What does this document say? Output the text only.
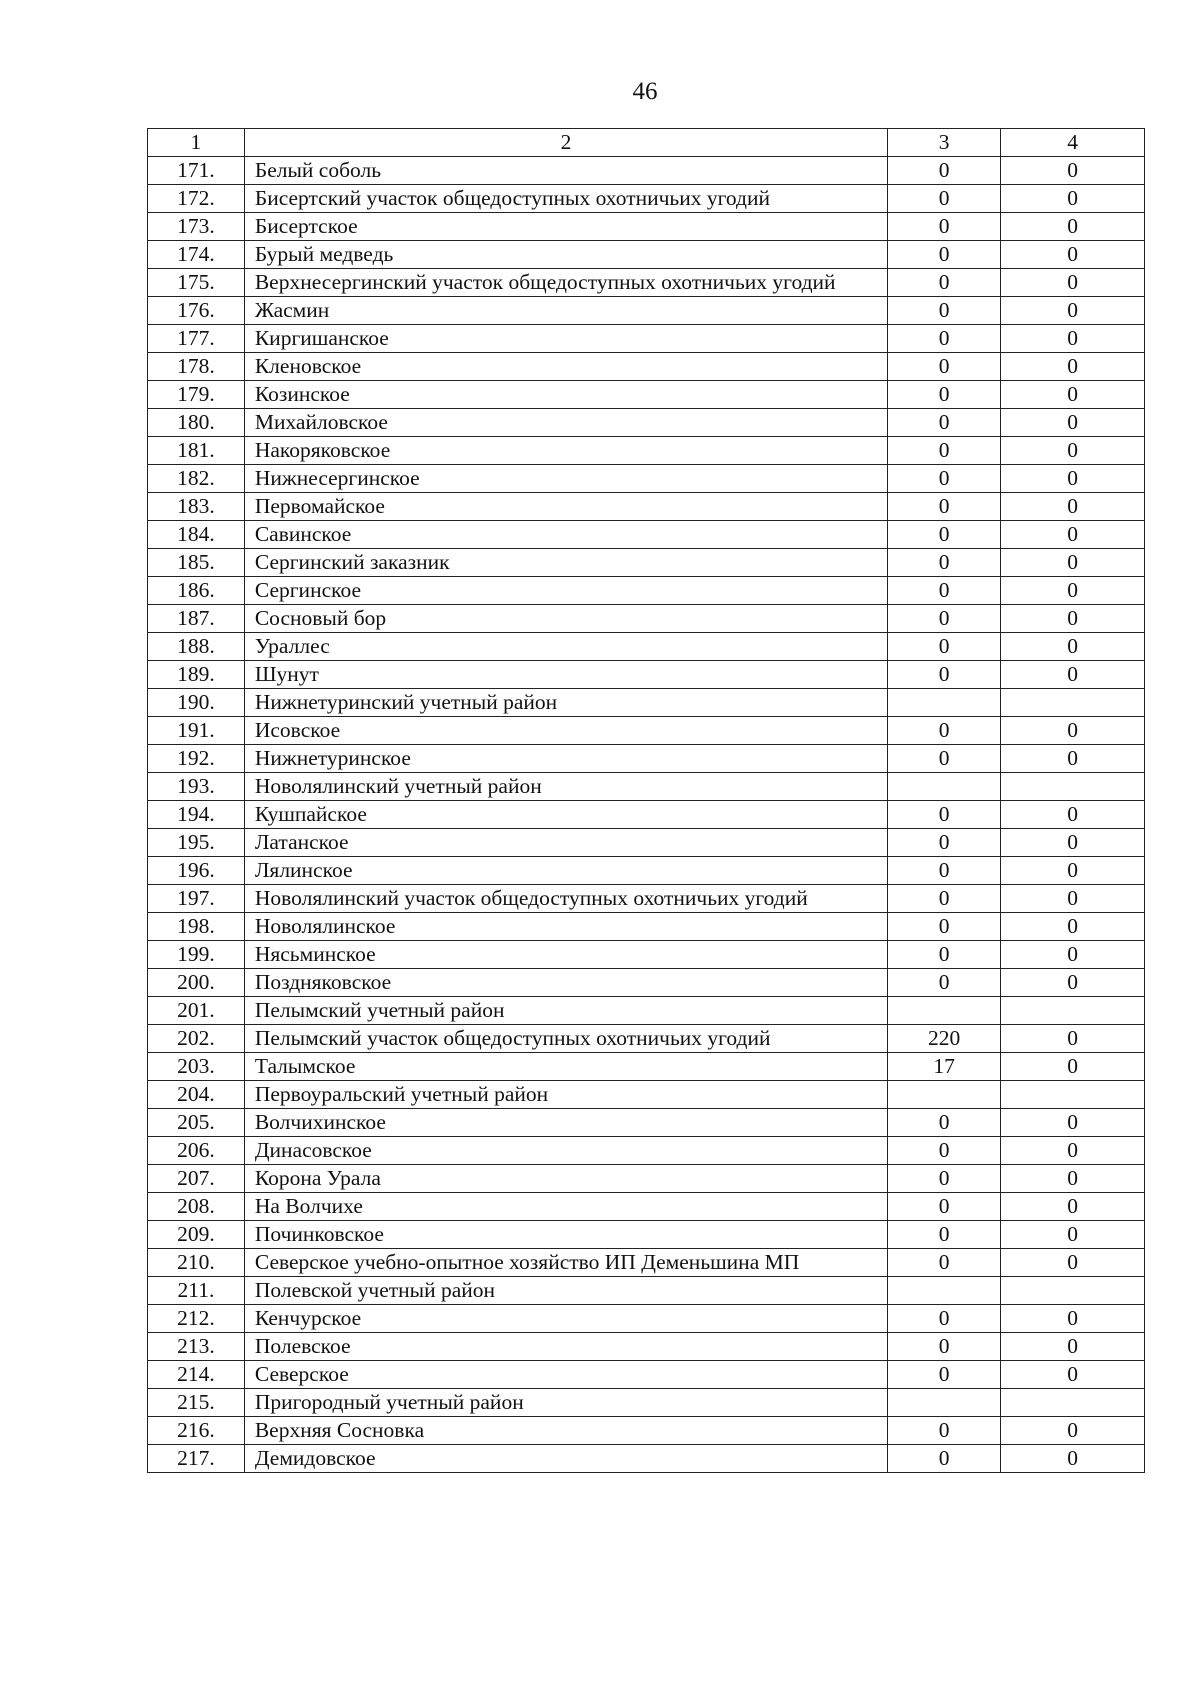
46
1	2	3	4
171.	Белый соболь	0	0
172.	Бисертский участок общедоступных охотничьих угодий	0	0
173.	Бисертское	0	0
174.	Бурый медведь	0	0
175.	Верхнесергинский участок общедоступных охотничьих угодий	0	0
176.	Жасмин	0	0
177.	Киргишанское	0	0
178.	Кленовское	0	0
179.	Козинское	0	0
180.	Михайловское	0	0
181.	Накоряковское	0	0
182.	Нижнесергинское	0	0
183.	Первомайское	0	0
184.	Савинское	0	0
185.	Сергинский заказник	0	0
186.	Сергинское	0	0
187.	Сосновый бор	0	0
188.	Ураллес	0	0
189.	Шунут	0	0
190.	Нижнетуринский учетный район		
191.	Исовское	0	0
192.	Нижнетуринское	0	0
193.	Новолялинский учетный район		
194.	Кушпайское	0	0
195.	Латанское	0	0
196.	Лялинское	0	0
197.	Новолялинский участок общедоступных охотничьих угодий	0	0
198.	Новолялинское	0	0
199.	Нясьминское	0	0
200.	Поздняковское	0	0
201.	Пелымский учетный район		
202.	Пелымский участок общедоступных охотничьих угодий	220	0
203.	Талымское	17	0
204.	Первоуральский учетный район		
205.	Волчихинское	0	0
206.	Динасовское	0	0
207.	Корона Урала	0	0
208.	На Волчихе	0	0
209.	Починковское	0	0
210.	Северское учебно-опытное хозяйство ИП Деменьшина МП	0	0
211.	Полевской учетный район		
212.	Кенчурское	0	0
213.	Полевское	0	0
214.	Северское	0	0
215.	Пригородный учетный район		
216.	Верхняя Сосновка	0	0
217.	Демидовское	0	0
